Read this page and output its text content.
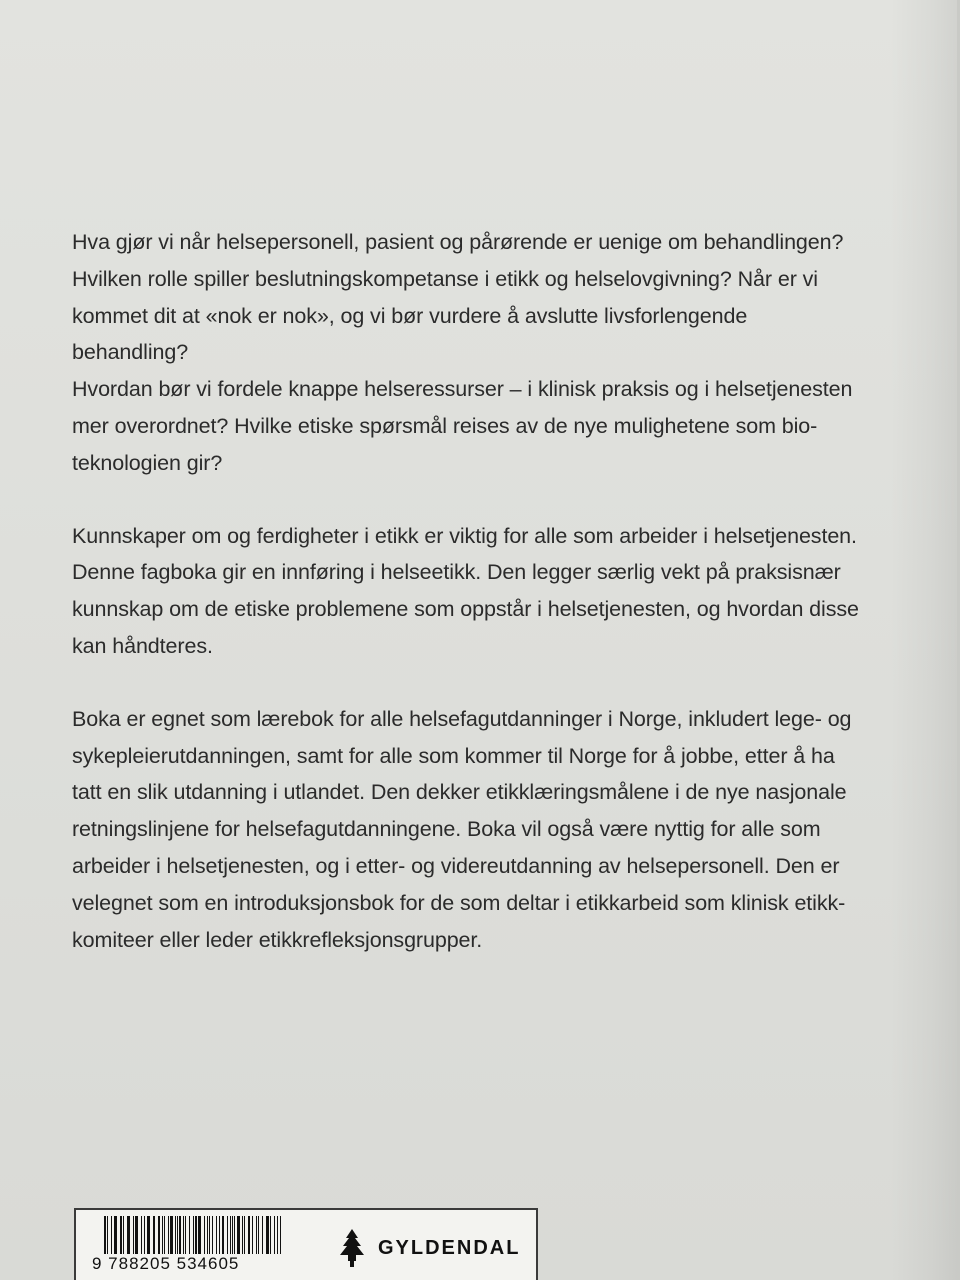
Hva gjør vi når helsepersonell, pasient og pårørende er uenige om behandlingen?
Hvilken rolle spiller beslutningskompetanse i etikk og helselovgivning? Når er vi
kommet dit at «nok er nok», og vi bør vurdere å avslutte livsforlengende behandling?
Hvordan bør vi fordele knappe helseressurser – i klinisk praksis og i helsetjenesten
mer overordnet? Hvilke etiske spørsmål reises av de nye mulighetene som bio-
teknologien gir?

Kunnskaper om og ferdigheter i etikk er viktig for alle som arbeider i helsetjenesten.
Denne fagboka gir en innføring i helseetikk. Den legger særlig vekt på praksisnær
kunnskap om de etiske problemene som oppstår i helsetjenesten, og hvordan disse
kan håndteres.

Boka er egnet som lærebok for alle helsefagutdanninger i Norge, inkludert lege- og
sykepleierutdanningen, samt for alle som kommer til Norge for å jobbe, etter å ha
tatt en slik utdanning i utlandet. Den dekker etikklæringsmålene i de nye nasjonale
retningslinjene for helsefagutdanningene. Boka vil også være nyttig for alle som
arbeider i helsetjenesten, og i etter- og videreutdanning av helsepersonell. Den er
velegnet som en introduksjonsbok for de som deltar i etikkarbeid som klinisk etikk-
komiteer eller leder etikkrefleksjonsgrupper.

9 788205 534605
GYLDENDAL
